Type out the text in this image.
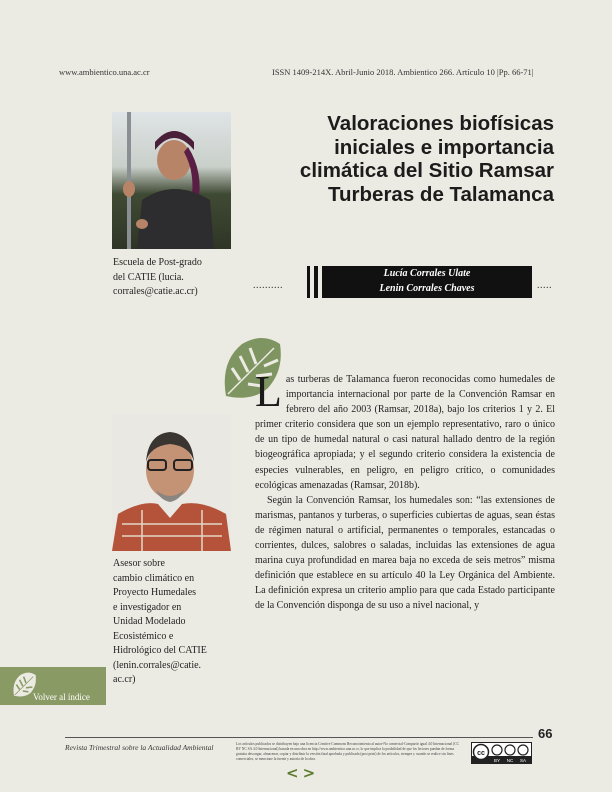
www.ambientico.una.ac.cr	ISSN 1409-214X. Abril-Junio 2018. Ambientico 266. Artículo 10 |Pp. 66-71|
Escuela de Post-grado
del CATIE (lucia.
corrales@catie.ac.cr)
Valoraciones biofísicas
iniciales e importancia
climática del Sitio Ramsar
Turberas de Talamanca
..........
Lucía Corrales Ulate
Lenin Corrales Chaves	.....
Asesor sobre
cambio climático en
Proyecto Humedales
e investigador en
Unidad Modelado
Ecosistémico e
Hidrológico del CATIE
(lenin.corrales@catie.
ac.cr)

Las turberas de Talamanca fueron reconocidas como humedales de importancia internacional por parte de la Convención Ramsar en febrero del año 2003 (Ramsar, 2018a), bajo los criterios 1 y 2. El primer criterio considera que son un ejemplo representativo, raro o único de un tipo de humedal natural o casi natural hallado dentro de la región biogeográfica apropiada; y el segundo criterio considera la existencia de especies vulnerables, en peligro, en peligro crítico, o comunidades ecológicas amenazadas (Ramsar, 2018b).

Según la Convención Ramsar, los humedales son: “las extensiones de marismas, pantanos y turberas, o superficies cubiertas de aguas, sean éstas de régimen natural o artificial, permanentes o temporales, estancadas o corrientes, dulces, salobres o saladas, incluidas las extensiones de agua marina cuya profundidad en marea baja no exceda de seis metros” misma definición que establece en su artículo 40 la Ley Orgánica del Ambiente. La definición expresa un criterio amplio para que cada Estado participante de la Convención disponga de su uso a nivel nacional, y

Volver al índice
66
Revista Trimestral sobre la Actualidad Ambiental	Los artículos publicados se distribuyen bajo una licencia Creative Commons Reconocimiento al autor-No comercial-Compartir igual 4.0 Internacional (CC BY NC SA 4.0 Internacional) basada en una obra en http://www.ambientico.una.ac.cr, lo que implica la posibilidad de que los lectores puedan de forma gratuita descargar, almacenar, copiar y distribuir la versión final aprobada y publicada (post print) de los artículos, siempre y cuando se realice sin fines comerciales, se mencione la fuente y autoría de la obra.
cc
BY NC SA
<>
